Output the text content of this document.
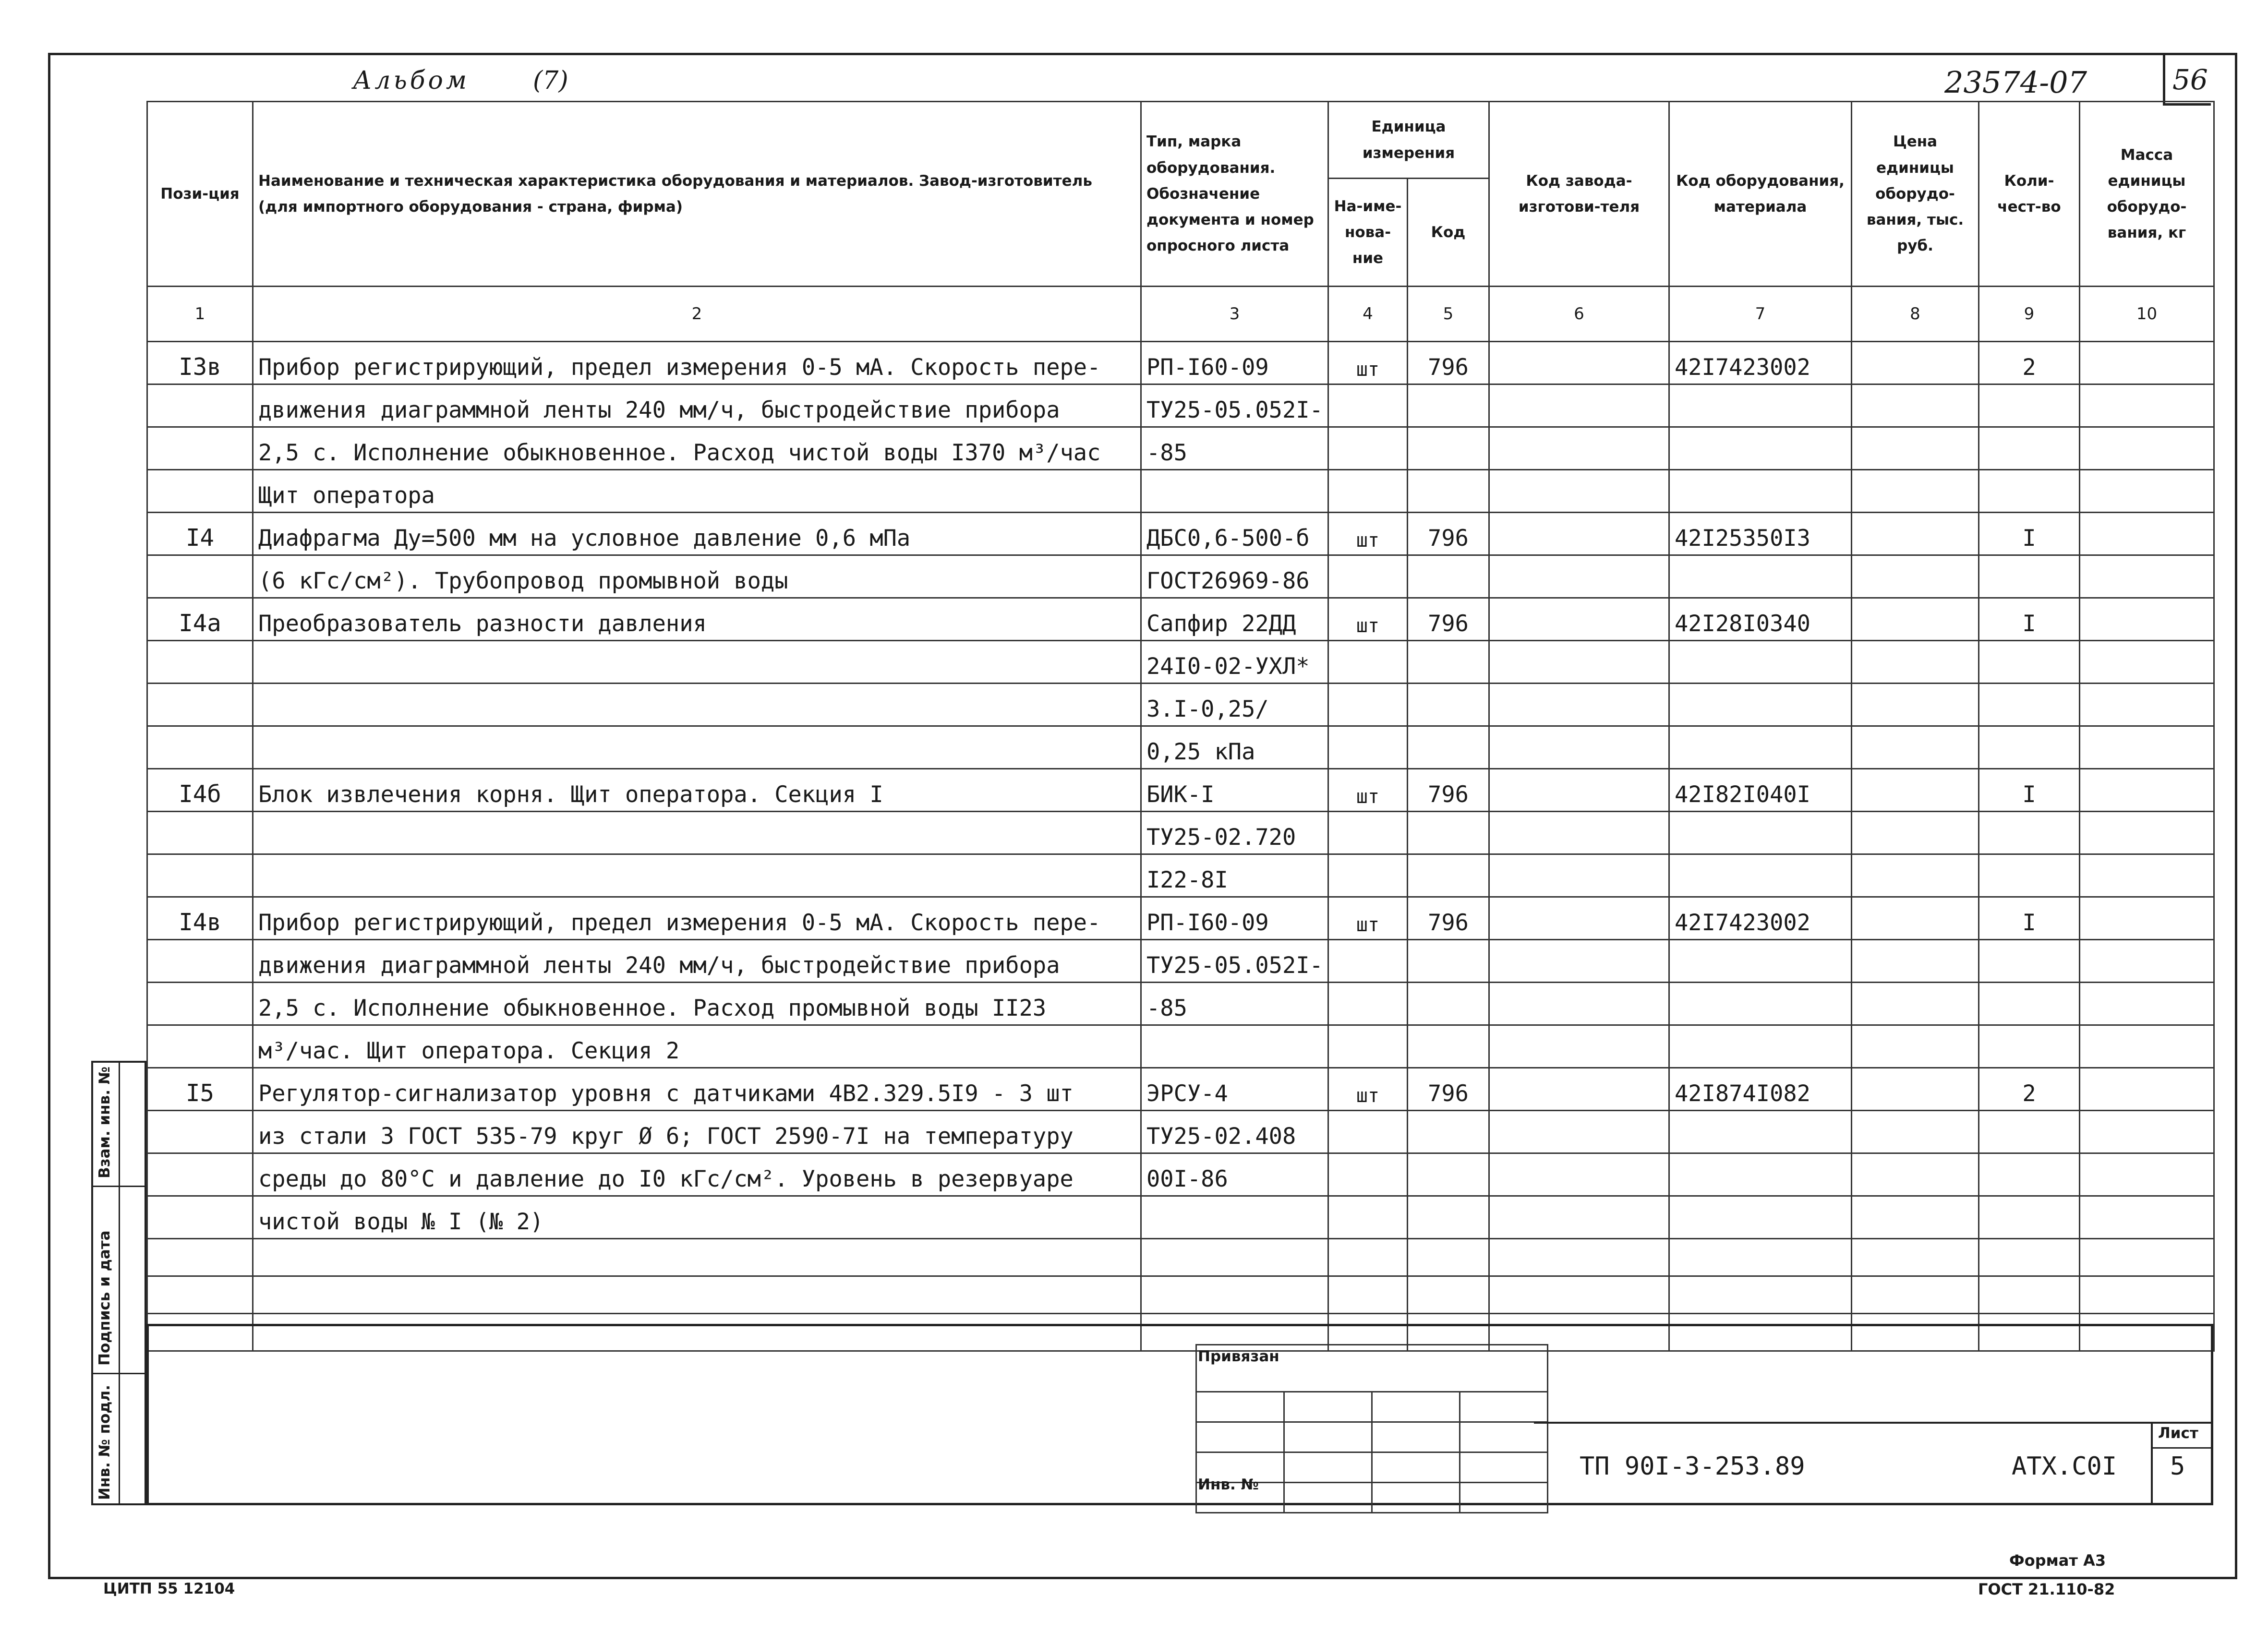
Альбом	(7)	23574-07	56
Пози-ция	Наименование и техническая характеристика оборудования и материалов. Завод-изготовитель (для импортного оборудования - страна, фирма)	Тип, марка оборудования. Обозначение документа и номер опросного листа	Единица измерения		Код завода-изготови-теля	Код оборудования, материала	Цена единицы оборудо-вания, тыс. руб.	Коли-чест-во	Масса единицы оборудо-вания, кг
			На-име-нова-ние	Код					
1	2	3	4	5	6	7	8	9	10
I3в	Прибор регистрирующий, предел измерения 0-5 мА. Скорость пере-	РП-I60-09	шт	796		42I7423002		2	
	движения диаграммной ленты 240 мм/ч, быстродействие прибора	ТУ25-05.052I-							
	2,5 с. Исполнение обыкновенное. Расход чистой воды I370 м³/час	-85							
	Щит оператора								
I4	Диафрагма Ду=500 мм на условное давление 0,6 мПа	ДБС0,6-500-б	шт	796		42I25350I3		I	
	(6 кГс/см²). Трубопровод промывной воды	ГОСТ26969-86							
I4а	Преобразователь разности давления	Сапфир 22ДД	шт	796		42I28I0340		I	
		24I0-02-УХЛ*							
		3.I-0,25/							
		0,25 кПа							
I4б	Блок извлечения корня. Щит оператора. Секция I	БИК-I	шт	796		42I82I040I		I	
		ТУ25-02.720							
		I22-8I							
I4в	Прибор регистрирующий, предел измерения 0-5 мА. Скорость пере-	РП-I60-09	шт	796		42I7423002		I	
	движения диаграммной ленты 240 мм/ч, быстродействие прибора	ТУ25-05.052I-							
	2,5 с. Исполнение обыкновенное. Расход промывной воды II23	-85							
	м³/час. Щит оператора. Секция 2								
I5	Регулятор-сигнализатор уровня с датчиками 4В2.329.5I9 - 3 шт	ЭРСУ-4	шт	796		42I874I082		2	
	из стали 3 ГОСТ 535-79 круг Ø 6; ГОСТ 2590-7I на температуру	ТУ25-02.408							
	среды до 80°С и давление до I0 кГс/см². Уровень в резервуаре	00I-86							
	чистой воды № I (№ 2)								

Взам. инв. №
Подпись и дата
Инв. № подл.

Привязан
Инв. №
Лист
5
ТП 90I-3-253.89	АТХ.С0I
ЦИТП 55 12104
Формат А3
ГОСТ 21.110-82
